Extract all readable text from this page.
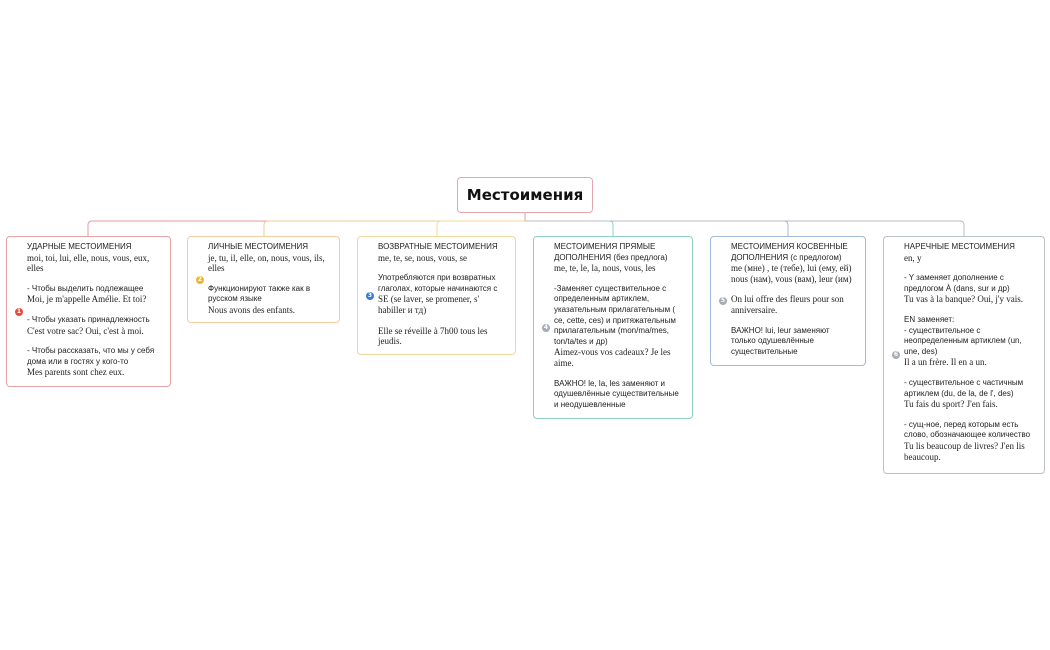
Местоимения
1
УДАРНЫЕ МЕСТОИМЕНИЯ
moi, toi, lui, elle, nous, vous, eux,
elles
- Чтобы выделить подлежащее
Moi, je m'appelle Amélie. Et toi?
- Чтобы указать принадлежность
C'est votre sac? Oui, c'est à moi.
- Чтобы рассказать, что мы у себя
дома или в гостях у кого-то
Mes parents sont chez eux.
2
ЛИЧНЫЕ МЕСТОИМЕНИЯ
je, tu, il, elle, on, nous, vous, ils,
elles
Функционируют также как в
русском языке
Nous avons des enfants.
3
ВОЗВРАТНЫЕ МЕСТОИМЕНИЯ
me, te, se, nous, vous, se
Употребляются при возвратных
глаголах, которые начинаются с
SE (se laver, se promener, s'
habiller и тд)
Elle se réveille à 7h00 tous les
jeudis.
4
МЕСТОИМЕНИЯ ПРЯМЫЕ
ДОПОЛНЕНИЯ (без предлога)
me, te, le, la, nous, vous, les
-Заменяет существительное с
определенным артиклем,
указательным прилагательным (
ce, cette, ces) и притяжательным
прилагательным (mon/ma/mes,
ton/ta/tes и др)
Aimez-vous vos cadeaux? Je les
aime.
ВАЖНО! le, la, les заменяют и
одушевлённые существительные
и неодушевленные
5
МЕСТОИМЕНИЯ КОСВЕННЫЕ
ДОПОЛНЕНИЯ (с предлогом)
me (мне) , te (тебе), lui (ему, ей)
nous (нам), vous (вам), leur (им)
On lui offre des fleurs pour son
anniversaire.
ВАЖНО! lui, leur заменяют
только одушевлённые
существительные	6
НАРЕЧНЫЕ МЕСТОИМЕНИЯ
en, y
- Y заменяет дополнение с
предлогом À (dans, sur и др)
Tu vas à la banque? Oui, j'y vais.
EN заменяет:
- существительное с
неопределенным артиклем (un,
une, des)
Il a un frère. Il en a un.
- существительное с частичным
артиклем (du, de la, de l', des)
Tu fais du sport? J'en fais.
- сущ-ное, перед которым есть
слово, обозначающее количество
Tu lis beaucoup de livres? J'en lis
beaucoup.
